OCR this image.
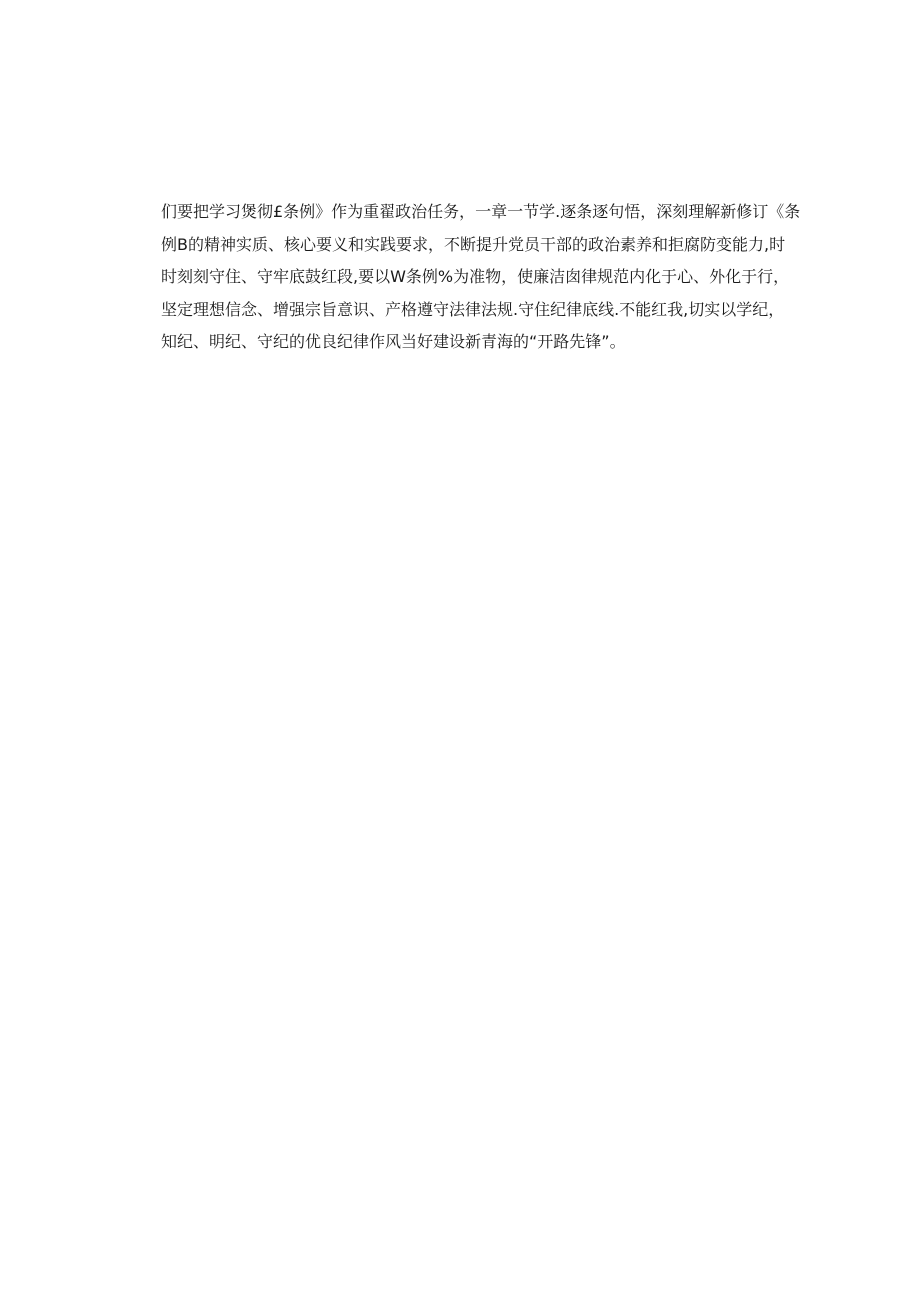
们要把学习煲彻£条例》作为重翟政治任务，一章一节学.逐条逐句悟，深刻理解新修订《条
例B的精神实质、核心要义和实践要求，不断提升党员干部的政治素养和拒腐防变能力,时
时刻刻守住、守牢底鼓红段,要以W条例%为准物，使廉洁囱律规范内化于心、外化于行，
坚定理想信念、增强宗旨意识、产格遵守法律法规.守住纪律底线.不能红我,切实以学纪，
知纪、明纪、守纪的优良纪律作风当好建设新青海的“开路先锋”。
